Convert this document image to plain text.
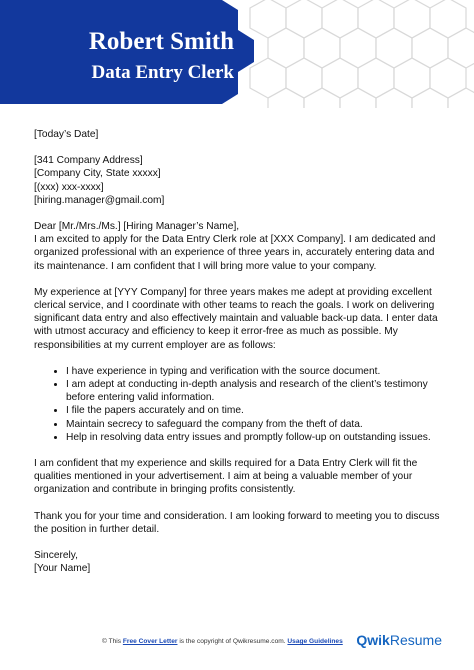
Robert Smith
Data Entry Clerk

[Today’s Date]

[341 Company Address]

[Company City, State xxxxx]

[(xxx) xxx-xxxx]

[hiring.manager@gmail.com]

Dear [Mr./Mrs./Ms.] [Hiring Manager’s Name],

I am excited to apply for the Data Entry Clerk role at [XXX Company]. I am dedicated and organized professional with an experience of three years in, accurately entering data and its maintenance. I am confident that I will bring more value to your company.

My experience at [YYY Company] for three years makes me adept at providing excellent clerical service, and I coordinate with other teams to reach the goals. I work on delivering significant data entry and also effectively maintain and valuable back-up data. I enter data with utmost accuracy and efficiency to keep it error-free as much as possible. My responsibilities at my current employer are as follows:

• I have experience in typing and verification with the source document.
• I am adept at conducting in-depth analysis and research of the client’s testimony before entering valid information.
• I file the papers accurately and on time.
• Maintain secrecy to safeguard the company from the theft of data.
• Help in resolving data entry issues and promptly follow-up on outstanding issues.

I am confident that my experience and skills required for a Data Entry Clerk will fit the qualities mentioned in your advertisement. I aim at being a valuable member of your organization and contribute in bringing profits consistently.

Thank you for your time and consideration. I am looking forward to meeting you to discuss the position in further detail.

Sincerely,

[Your Name]

© This Free Cover Letter is the copyright of Qwikresume.com. Usage Guidelines Q wik Resume
